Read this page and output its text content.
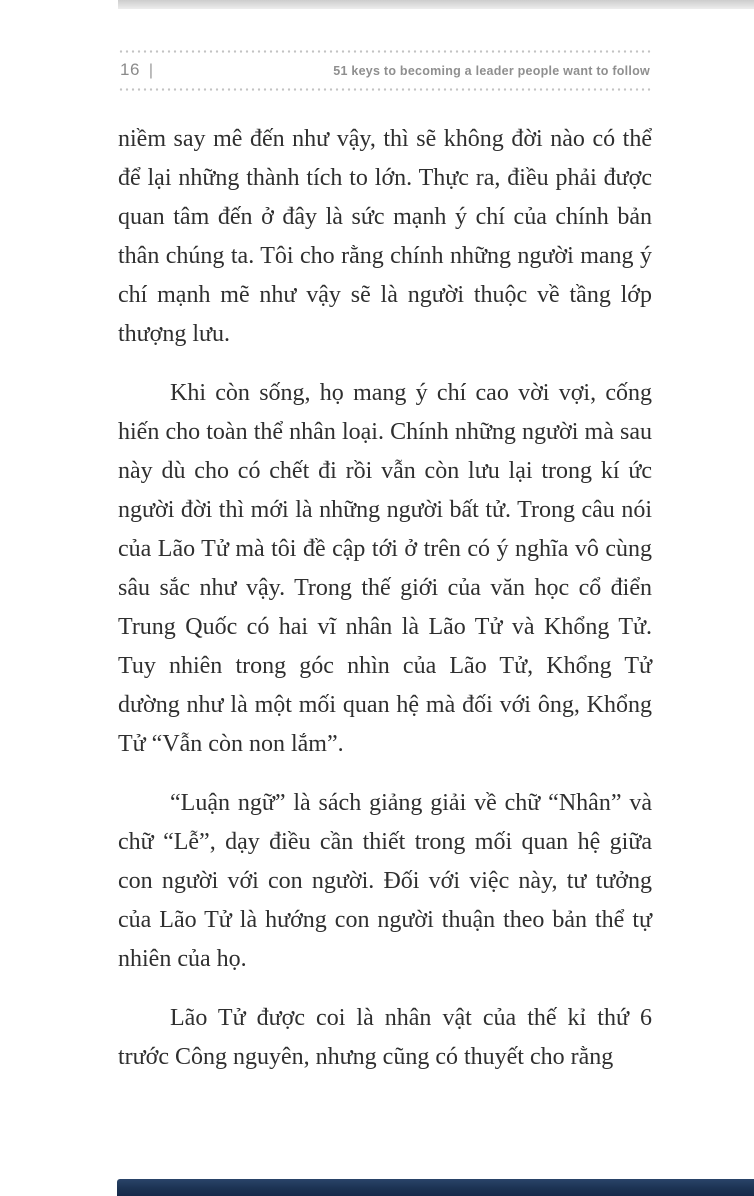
16 |	51 keys to becoming a leader people want to follow

niềm say mê đến như vậy, thì sẽ không đời nào có thể để lại những thành tích to lớn. Thực ra, điều phải được quan tâm đến ở đây là sức mạnh ý chí của chính bản thân chúng ta. Tôi cho rằng chính những người mang ý chí mạnh mẽ như vậy sẽ là người thuộc về tầng lớp thượng lưu.

Khi còn sống, họ mang ý chí cao vời vợi, cống hiến cho toàn thể nhân loại. Chính những người mà sau này dù cho có chết đi rồi vẫn còn lưu lại trong kí ức người đời thì mới là những người bất tử. Trong câu nói của Lão Tử mà tôi đề cập tới ở trên có ý nghĩa vô cùng sâu sắc như vậy. Trong thế giới của văn học cổ điển Trung Quốc có hai vĩ nhân là Lão Tử và Khổng Tử. Tuy nhiên trong góc nhìn của Lão Tử, Khổng Tử dường như là một mối quan hệ mà đối với ông, Khổng Tử “Vẫn còn non lắm”.

“Luận ngữ” là sách giảng giải về chữ “Nhân” và chữ “Lễ”, dạy điều cần thiết trong mối quan hệ giữa con người với con người. Đối với việc này, tư tưởng của Lão Tử là hướng con người thuận theo bản thể tự nhiên của họ.

Lão Tử được coi là nhân vật của thế kỉ thứ 6 trước Công nguyên, nhưng cũng có thuyết cho rằng
